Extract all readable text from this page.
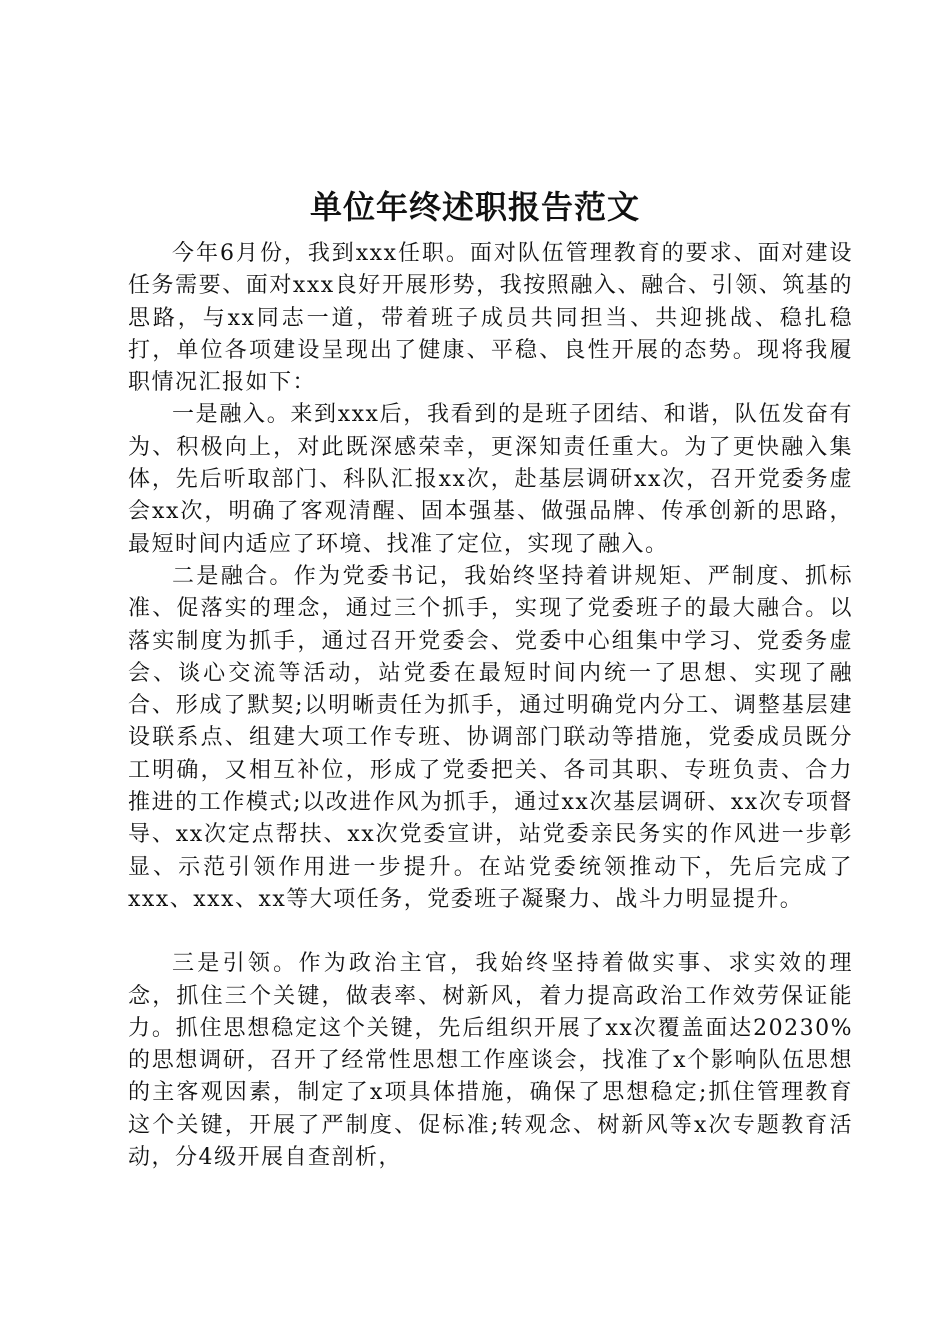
单位年终述职报告范文

今年6月份，我到xxx任职。面对队伍管理教育的要求、面对建设任务需要、面对xxx良好开展形势，我按照融入、融合、引领、筑基的思路，与xx同志一道，带着班子成员共同担当、共迎挑战、稳扎稳打，单位各项建设呈现出了健康、平稳、良性开展的态势。现将我履职情况汇报如下：

一是融入。来到xxx后，我看到的是班子团结、和谐，队伍发奋有为、积极向上，对此既深感荣幸，更深知责任重大。为了更快融入集体，先后听取部门、科队汇报xx次，赴基层调研xx次，召开党委务虚会xx次，明确了客观清醒、固本强基、做强品牌、传承创新的思路，最短时间内适应了环境、找准了定位，实现了融入。

二是融合。作为党委书记，我始终坚持着讲规矩、严制度、抓标准、促落实的理念，通过三个抓手，实现了党委班子的最大融合。以落实制度为抓手，通过召开党委会、党委中心组集中学习、党委务虚会、谈心交流等活动，站党委在最短时间内统一了思想、实现了融合、形成了默契;以明晰责任为抓手，通过明确党内分工、调整基层建设联系点、组建大项工作专班、协调部门联动等措施，党委成员既分工明确，又相互补位，形成了党委把关、各司其职、专班负责、合力推进的工作模式;以改进作风为抓手，通过xx次基层调研、xx次专项督导、xx次定点帮扶、xx次党委宣讲，站党委亲民务实的作风进一步彰显、示范引领作用进一步提升。在站党委统领推动下，先后完成了xxx、xxx、xx等大项任务，党委班子凝聚力、战斗力明显提升。

三是引领。作为政治主官，我始终坚持着做实事、求实效的理念，抓住三个关键，做表率、树新风，着力提高政治工作效劳保证能力。抓住思想稳定这个关键，先后组织开展了xx次覆盖面达20230%的思想调研，召开了经常性思想工作座谈会，找准了x个影响队伍思想的主客观因素，制定了x项具体措施，确保了思想稳定;抓住管理教育这个关键，开展了严制度、促标准;转观念、树新风等x次专题教育活动，分4级开展自查剖析，
